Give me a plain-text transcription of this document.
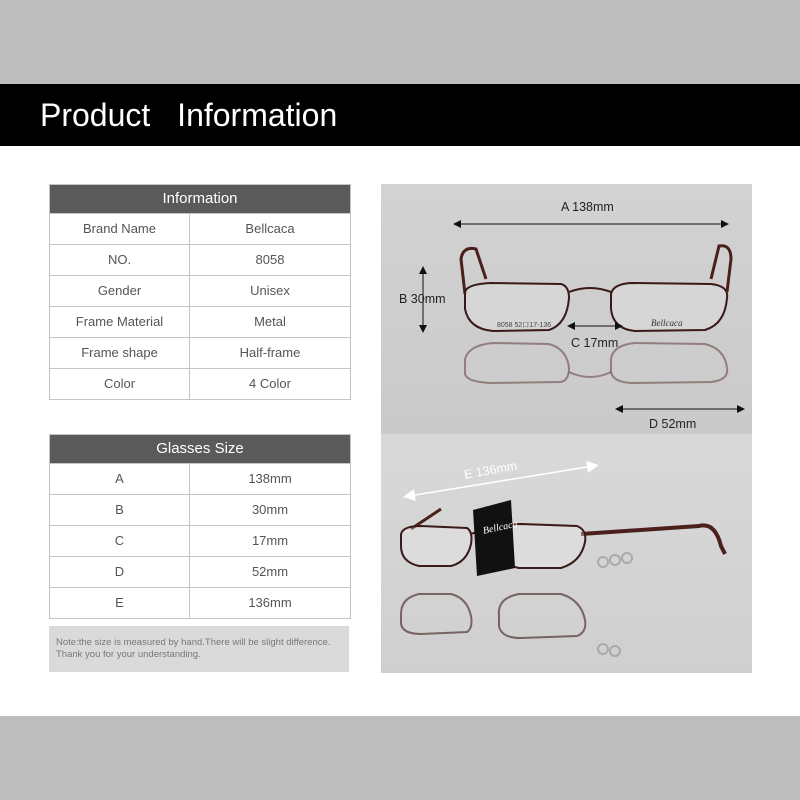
Product Information
Information
Brand Name	Bellcaca
NO.	8058
Gender	Unisex
Frame Material	Metal
Frame shape	Half-frame
Color	4 Color
Glasses Size
A	138mm
B	30mm
C	17mm
D	52mm
E	136mm
Note:the size is measured by hand.There will be slight difference.
Thank you for your understanding.
A 138mm
B 30mm
C 17mm
D 52mm
8058 52口17-136	Bellcaca
E 136mm
Bellcaca
